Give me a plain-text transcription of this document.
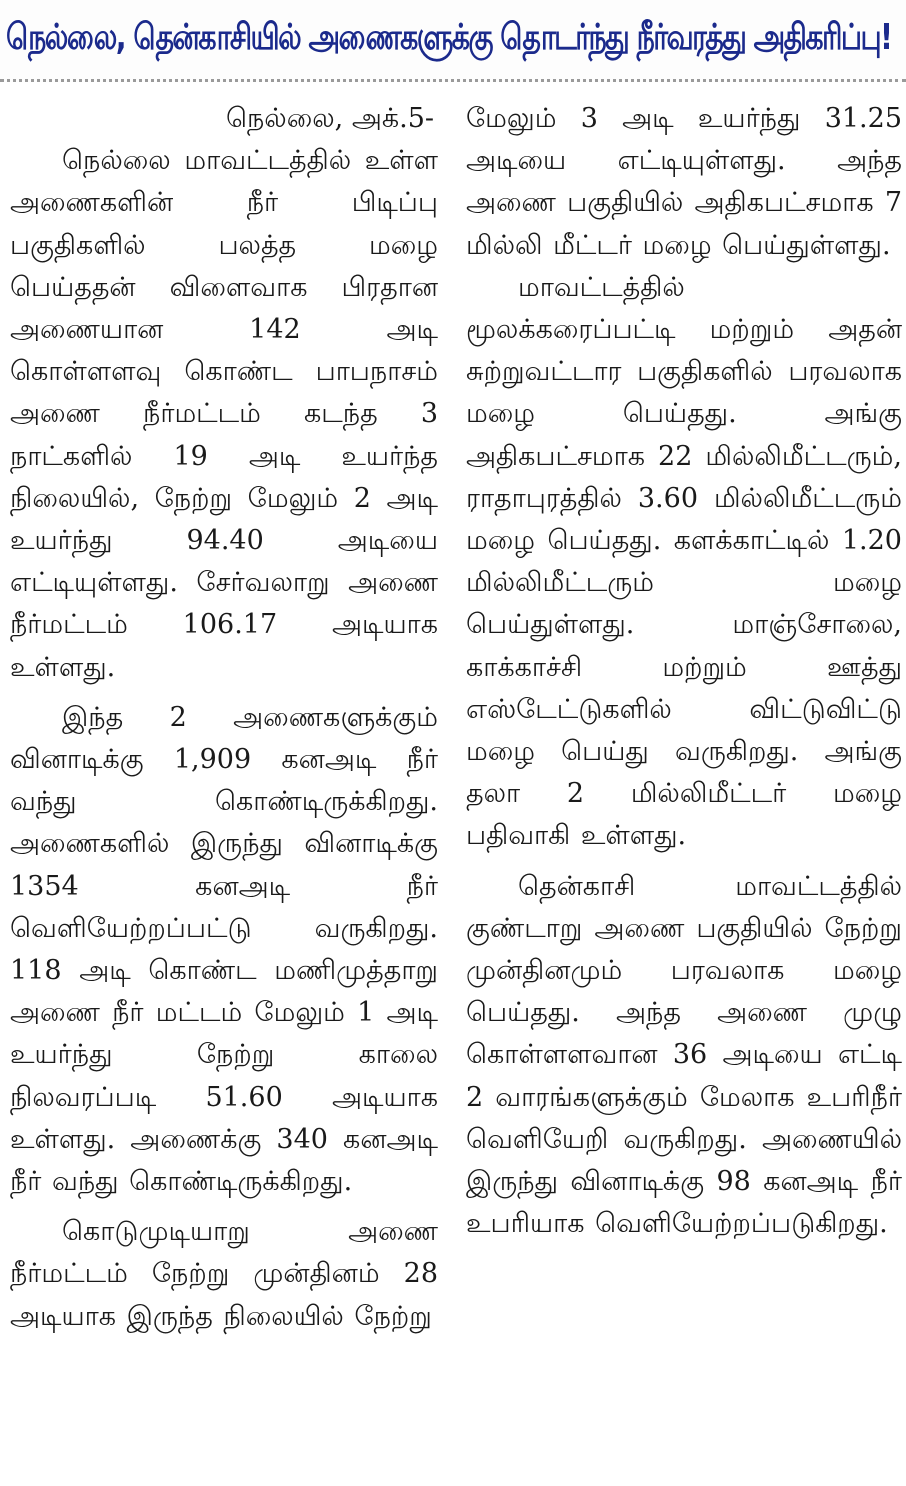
நெல்லை, தென்காசியில் அணைகளுக்கு தொடர்ந்து நீர்வரத்து அதிகரிப்பு!

நெல்லை, அக்.5-

நெல்லை மாவட்டத்தில் உள்ள அணைகளின் நீர் பிடிப்பு பகுதிகளில் பலத்த மழை பெய்ததன் விளைவாக பிரதான அணையான 142 அடி கொள்ளளவு கொண்ட பாபநாசம் அணை நீர்மட்டம் கடந்த 3 நாட்களில் 19 அடி உயர்ந்த நிலையில், நேற்று மேலும் 2 அடி உயர்ந்து 94.40 அடியை எட்டியுள்ளது. சேர்வலாறு அணை நீர்மட்டம் 106.17 அடியாக உள்ளது.

இந்த 2 அணைகளுக்கும் வினாடிக்கு 1,909 கனஅடி நீர் வந்து கொண்டிருக்கிறது. அணைகளில் இருந்து வினாடிக்கு 1354 கனஅடி நீர் வெளியேற்றப்பட்டு வருகிறது. 118 அடி கொண்ட மணிமுத்தாறு அணை நீர் மட்டம் மேலும் 1 அடி உயர்ந்து நேற்று காலை நிலவரப்படி 51.60 அடியாக உள்ளது. அணைக்கு 340 கனஅடி நீர் வந்து கொண்டிருக்கிறது.

கொடுமுடியாறு அணை நீர்மட்டம் நேற்று முன்தினம் 28 அடியாக இருந்த நிலையில் நேற்று

மேலும் 3 அடி உயர்ந்து 31.25 அடியை எட்டியுள்ளது. அந்த அணை பகுதியில் அதிகபட்சமாக 7 மில்லி மீட்டர் மழை பெய்துள்ளது.

மாவட்டத்தில் மூலக்கரைப்பட்டி மற்றும் அதன் சுற்றுவட்டார பகுதிகளில் பரவலாக மழை பெய்தது. அங்கு அதிகபட்சமாக 22 மில்லிமீட்டரும், ராதாபுரத்தில் 3.60 மில்லிமீட்டரும் மழை பெய்தது. களக்காட்டில் 1.20 மில்லிமீட்டரும் மழை பெய்துள்ளது. மாஞ்சோலை, காக்காச்சி மற்றும் ஊத்து எஸ்டேட்டுகளில் விட்டுவிட்டு மழை பெய்து வருகிறது. அங்கு தலா 2 மில்லிமீட்டர் மழை பதிவாகி உள்ளது.

தென்காசி மாவட்டத்தில் குண்டாறு அணை பகுதியில் நேற்று முன்தினமும் பரவலாக மழை பெய்தது. அந்த அணை முழு கொள்ளளவான 36 அடியை எட்டி 2 வாரங்களுக்கும் மேலாக உபரிநீர் வெளியேறி வருகிறது. அணையில் இருந்து வினாடிக்கு 98 கனஅடி நீர் உபரியாக வெளியேற்றப்படுகிறது.
